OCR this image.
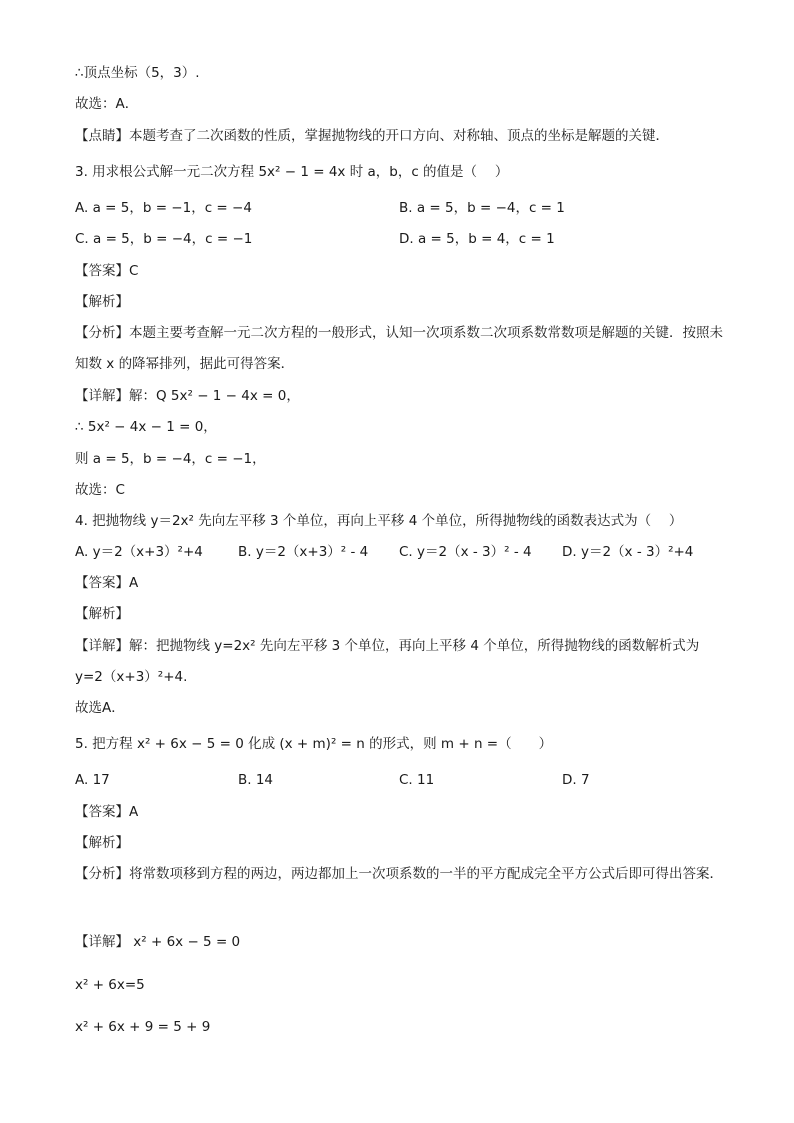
∴顶点坐标（5，3）.
故选：A．
【点睛】本题考查了二次函数的性质，掌握抛物线的开口方向、对称轴、顶点的坐标是解题的关键．
3. 用求根公式解一元二次方程 5x² − 1 = 4x 时 a，b，c 的值是（　 ）
A. a = 5，b = −1，c = −4	B. a = 5，b = −4，c = 1
C. a = 5，b = −4，c = −1	D. a = 5，b = 4，c = 1
【答案】C
【解析】
【分析】本题主要考查解一元二次方程的一般形式，认知一次项系数二次项系数常数项是解题的关键．按照未知数 x 的降幂排列，据此可得答案．
【详解】解：Q 5x² − 1 − 4x = 0，
∴ 5x² − 4x − 1 = 0，
则 a = 5，b = −4，c = −1，
故选：C
4. 把抛物线 y＝2x² 先向左平移 3 个单位，再向上平移 4 个单位，所得抛物线的函数表达式为（　 ）
A. y＝2（x+3）²+4	B. y＝2（x+3）² - 4 C. y＝2（x - 3）² - 4 D. y＝2（x - 3）²+4
【答案】A
【解析】
【详解】解：把抛物线 y=2x² 先向左平移 3 个单位，再向上平移 4 个单位，所得抛物线的函数解析式为
y=2（x+3）²+4.
故选A．
5. 把方程 x² + 6x − 5 = 0 化成 (x + m)² = n 的形式，则 m + n =（　　）
A. 17	B. 14	C. 11	D. 7
【答案】A
【解析】
【分析】将常数项移到方程的两边，两边都加上一次项系数的一半的平方配成完全平方公式后即可得出答案．
【详解】 x² + 6x − 5 = 0
x² + 6x=5
x² + 6x + 9 = 5 + 9
